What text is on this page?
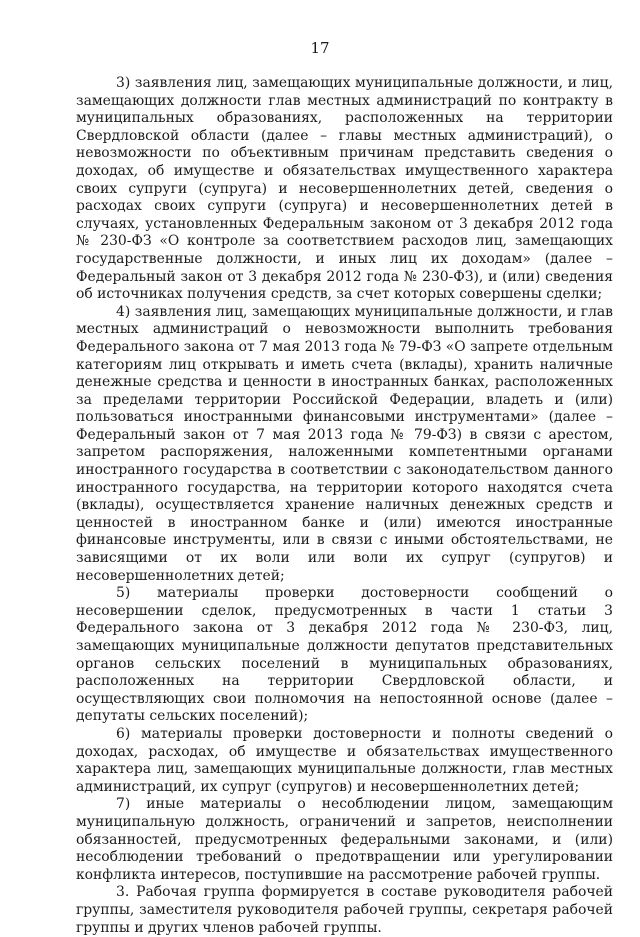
17

3) заявления лиц, замещающих муниципальные должности, и лиц, замещающих должности глав местных администраций по контракту в муниципальных образованиях, расположенных на территории Свердловской области (далее – главы местных администраций), о невозможности по объективным причинам представить сведения о доходах, об имуществе и обязательствах имущественного характера своих супруги (супруга) и несовершеннолетних детей, сведения о расходах своих супруги (супруга) и несовершеннолетних детей в случаях, установленных Федеральным законом от 3 декабря 2012 года № 230-ФЗ «О контроле за соответствием расходов лиц, замещающих государственные должности, и иных лиц их доходам» (далее – Федеральный закон от 3 декабря 2012 года № 230-ФЗ), и (или) сведения об источниках получения средств, за счет которых совершены сделки;

4) заявления лиц, замещающих муниципальные должности, и глав местных администраций о невозможности выполнить требования Федерального закона от 7 мая 2013 года № 79-ФЗ «О запрете отдельным категориям лиц открывать и иметь счета (вклады), хранить наличные денежные средства и ценности в иностранных банках, расположенных за пределами территории Российской Федерации, владеть и (или) пользоваться иностранными финансовыми инструментами» (далее – Федеральный закон от 7 мая 2013 года № 79-ФЗ) в связи с арестом, запретом распоряжения, наложенными компетентными органами иностранного государства в соответствии с законодательством данного иностранного государства, на территории которого находятся счета (вклады), осуществляется хранение наличных денежных средств и ценностей в иностранном банке и (или) имеются иностранные финансовые инструменты, или в связи с иными обстоятельствами, не зависящими от их воли или воли их супруг (супругов) и несовершеннолетних детей;

5) материалы проверки достоверности сообщений о несовершении сделок, предусмотренных в части 1 статьи 3 Федерального закона от 3 декабря 2012 года № 230-ФЗ, лиц, замещающих муниципальные должности депутатов представительных органов сельских поселений в муниципальных образованиях, расположенных на территории Свердловской области, и осуществляющих свои полномочия на непостоянной основе (далее – депутаты сельских поселений);

6) материалы проверки достоверности и полноты сведений о доходах, расходах, об имуществе и обязательствах имущественного характера лиц, замещающих муниципальные должности, глав местных администраций, их супруг (супругов) и несовершеннолетних детей;

7) иные материалы о несоблюдении лицом, замещающим муниципальную должность, ограничений и запретов, неисполнении обязанностей, предусмотренных федеральными законами, и (или) несоблюдении требований о предотвращении или урегулировании конфликта интересов, поступившие на рассмотрение рабочей группы.

3. Рабочая группа формируется в составе руководителя рабочей группы, заместителя руководителя рабочей группы, секретаря рабочей группы и других членов рабочей группы.
